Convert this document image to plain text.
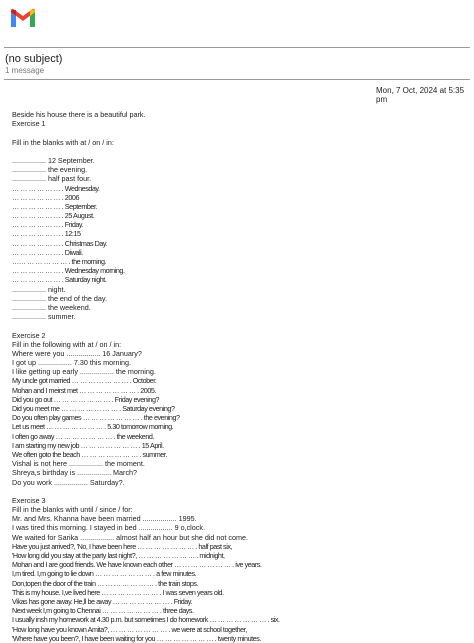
(no subject)
1 message
Mon, 7 Oct, 2024 at 5:35 pm
Beside his house there is a beautiful park.
Exercise 1
Fill in the blanks with at / on / in:
................. 12 September.
................. the evening.
................. half past four.
… … … … … … . Wednesday.
… … … … … … . 2006
… … … … … … . September.
… … … … … … . 25 August.
… … … … … … . Friday.
… … … … … … . 12:15
… … … … … … . Christmas Day.
… … … … … … . Diwali.
…… … … … … … . the morning.
… … … … … … . Wednesday morning.
… … … … … … . Saturday night.
................. night.
................. the end of the day.
................. the weekend.
................. summer.
Exercise 2
Fill in the following with at / on / in:
Where were you ................. 16 January?
I got up ................. 7.30 this morning.
I like getting up early ................. the morning.
My uncle got married … … … … … … … . October.
Mohan and I meirst met … … … … … … … . 2005.
Did you go out … … … … … … … . Friday evening?
Did you meet me … … … … … … … . Saturday evening?
Do you often play games … … … … … … … . the evening?
Let us meet … … … … … … … . 5.30 tomorrow morning.
I often go away … … … … … … … . the weekend.
I am starting my new job … … … … … … … . 15 April.
We often goto the beach … … … … … … … . summer.
Vishal is not here ................. the moment.
Shreya,s birthday is ................. March?
Do you work ................. Saturday?.
Exercise 3
Fill in the blanks with until / since / for:
Mr. and Mrs. Khanna have been married ................. 1995.
I was tired this morning. I stayed in bed ................. 9 o,clock.
We waited for Sarika ................. almost half an hour but she did not come.
Have you just arrived?, 'No, I have been here … … … … … … … . half past six,
'How long did you stay at the party last night?, … … … … … … … . midnight,
Mohan and I are good friends. We have known each other … … … … … … … . ive years.
I,m tired. I,m going to lie down … … … … … … … . a few minutes.
Don,topen the door of the train … … … … … … … . the train stops.
This is my house. I,ve lived here … … … … … … … . I was seven years old.
Vikas has gone away. He,ll be away … … … … … … … . Friday.
Next week I,m going to Chennai … … … … … … … . three days.
I usually insh my homework at 4.30 p.m. but sometimes I do homework … … … … … … … . six.
'How long have you known Amita?, … … … … … … … . we were at school together,
'Where have you been?, I have been waiting for you … … … … … … … . twenty minutes.
